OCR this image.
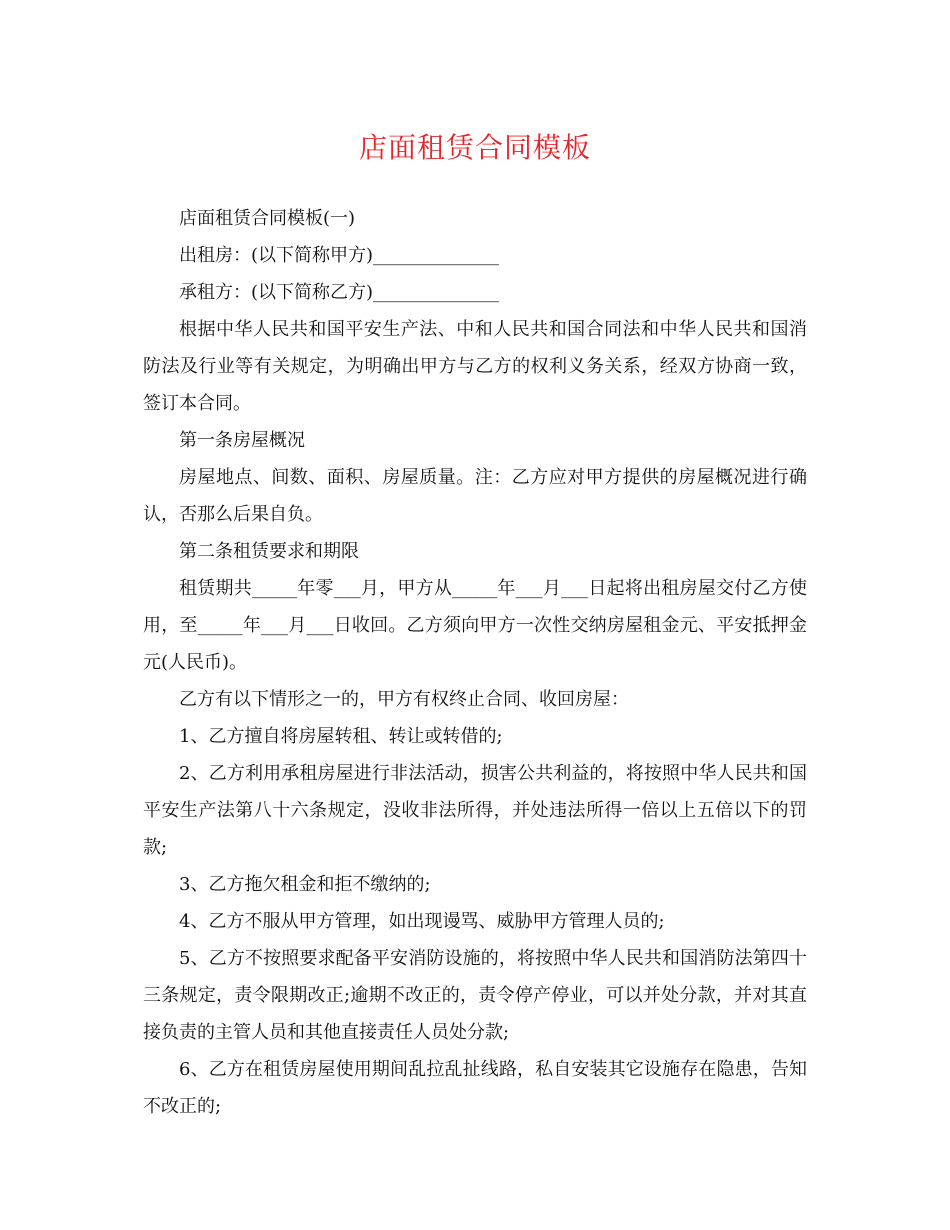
店面租赁合同模板

店面租赁合同模板(一)

出租房：(以下简称甲方)______________

承租方：(以下简称乙方)______________

根据中华人民共和国平安生产法、中和人民共和国合同法和中华人民共和国消防法及行业等有关规定，为明确出甲方与乙方的权利义务关系，经双方协商一致，签订本合同。

第一条房屋概况

房屋地点、间数、面积、房屋质量。注：乙方应对甲方提供的房屋概况进行确认，否那么后果自负。

第二条租赁要求和期限

租赁期共_____年零___月，甲方从_____年___月___日起将出租房屋交付乙方使用，至_____年___月___日收回。乙方须向甲方一次性交纳房屋租金元、平安抵押金元(人民币)。

乙方有以下情形之一的，甲方有权终止合同、收回房屋：

1、乙方擅自将房屋转租、转让或转借的;

2、乙方利用承租房屋进行非法活动，损害公共利益的，将按照中华人民共和国平安生产法第八十六条规定，没收非法所得，并处违法所得一倍以上五倍以下的罚款;

3、乙方拖欠租金和拒不缴纳的;

4、乙方不服从甲方管理，如出现谩骂、威胁甲方管理人员的;

5、乙方不按照要求配备平安消防设施的，将按照中华人民共和国消防法第四十三条规定，责令限期改正;逾期不改正的，责令停产停业，可以并处分款，并对其直接负责的主管人员和其他直接责任人员处分款;

6、乙方在租赁房屋使用期间乱拉乱扯线路，私自安装其它设施存在隐患，告知不改正的;
